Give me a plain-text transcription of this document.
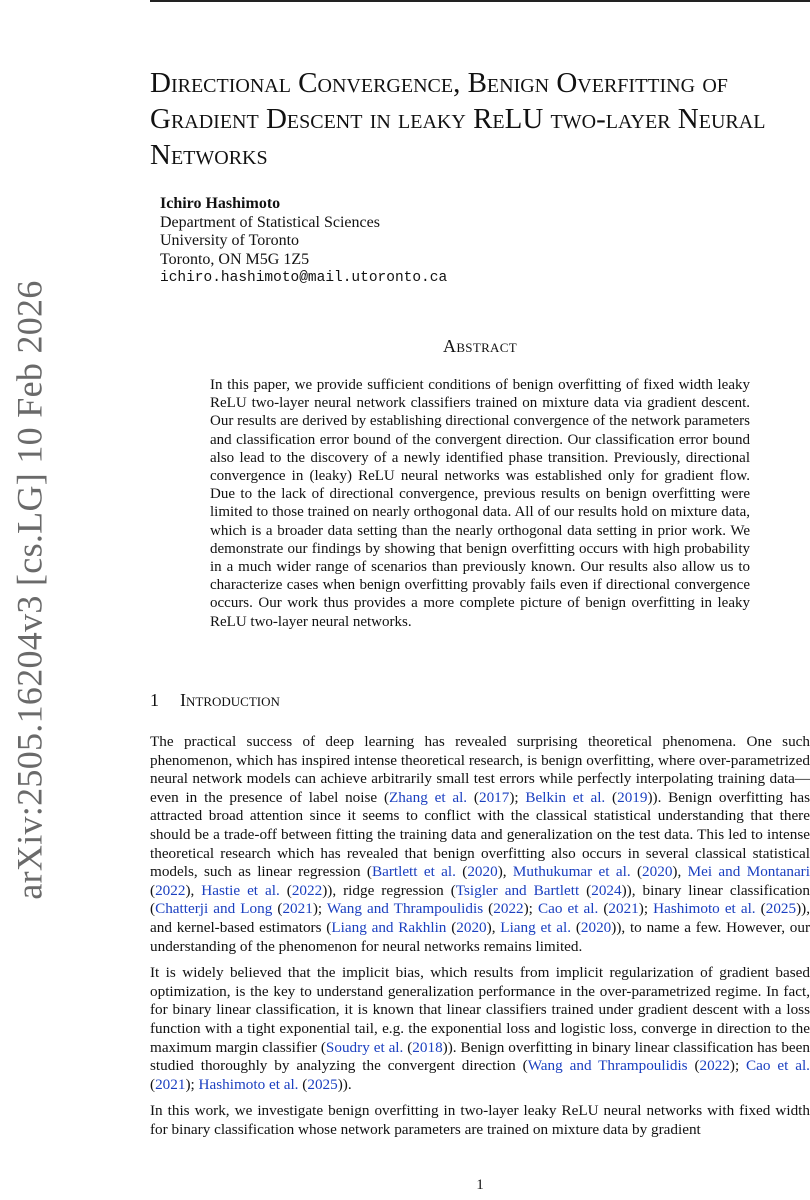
arXiv:2505.16204v3 [cs.LG] 10 Feb 2026
Directional Convergence, Benign Overfitting of Gradient Descent in leaky ReLU two-layer Neural Networks
Ichiro Hashimoto
Department of Statistical Sciences
University of Toronto
Toronto, ON M5G 1Z5
ichiro.hashimoto@mail.utoronto.ca
Abstract
In this paper, we provide sufficient conditions of benign overfitting of fixed width leaky ReLU two-layer neural network classifiers trained on mixture data via gradient descent. Our results are derived by establishing directional convergence of the network parameters and classification error bound of the convergent direction. Our classification error bound also lead to the discovery of a newly identified phase transition. Previously, directional convergence in (leaky) ReLU neural networks was established only for gradient flow. Due to the lack of directional convergence, previous results on benign overfitting were limited to those trained on nearly orthogonal data. All of our results hold on mixture data, which is a broader data setting than the nearly orthogonal data setting in prior work. We demonstrate our findings by showing that benign overfitting occurs with high probability in a much wider range of scenarios than previously known. Our results also allow us to characterize cases when benign overfitting provably fails even if directional convergence occurs. Our work thus provides a more complete picture of benign overfitting in leaky ReLU two-layer neural networks.
1 Introduction

The practical success of deep learning has revealed surprising theoretical phenomena. One such phenomenon, which has inspired intense theoretical research, is benign overfitting, where over-parametrized neural network models can achieve arbitrarily small test errors while perfectly interpolating training data—even in the presence of label noise (Zhang et al. (2017); Belkin et al. (2019)). Benign overfitting has attracted broad attention since it seems to conflict with the classical statistical understanding that there should be a trade-off between fitting the training data and generalization on the test data. This led to intense theoretical research which has revealed that benign overfitting also occurs in several classical statistical models, such as linear regression (Bartlett et al. (2020), Muthukumar et al. (2020), Mei and Montanari (2022), Hastie et al. (2022)), ridge regression (Tsigler and Bartlett (2024)), binary linear classification (Chatterji and Long (2021); Wang and Thrampoulidis (2022); Cao et al. (2021); Hashimoto et al. (2025)), and kernel-based estimators (Liang and Rakhlin (2020), Liang et al. (2020)), to name a few. However, our understanding of the phenomenon for neural networks remains limited.

It is widely believed that the implicit bias, which results from implicit regularization of gradient based optimization, is the key to understand generalization performance in the over-parametrized regime. In fact, for binary linear classification, it is known that linear classifiers trained under gradient descent with a loss function with a tight exponential tail, e.g. the exponential loss and logistic loss, converge in direction to the maximum margin classifier (Soudry et al. (2018)). Benign overfitting in binary linear classification has been studied thoroughly by analyzing the convergent direction (Wang and Thrampoulidis (2022); Cao et al. (2021); Hashimoto et al. (2025)).

In this work, we investigate benign overfitting in two-layer leaky ReLU neural networks with fixed width for binary classification whose network parameters are trained on mixture data by gradient

1
